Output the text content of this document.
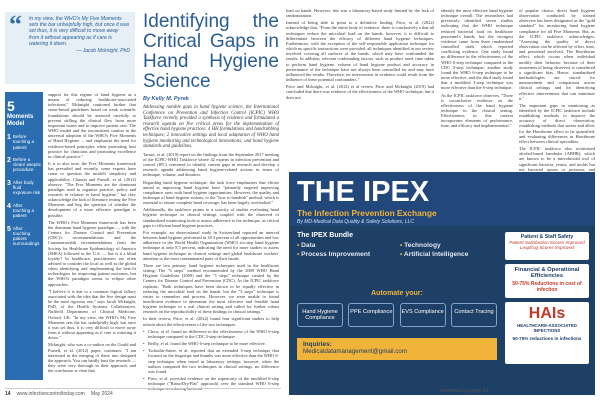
“ In my view, the WHO's My Five Moments sets the bar unhelpfully high, but once it was set thus, it is very difficult to move away from it without appearing as if care is watering it down.
— Jacob Mcknight, PhD
5
Moments Model
1 Before touching a patient
2 Before a clean/ aseptic procedure
3 After body fluid exposure risk
4 After touching a patient
5 After touching patient surroundings

support for this regime of hand hygiene as a means of reducing healthcare-associated infections," Mcknight cautioned further that sense-based guidelines based on weak scientific foundations should be assessed carefully to prevent stifling the clinical flow from more important issues and to improve patient care. The WHO model and the inconsistent caution in the universal adoption of the WHO's Five Moments of Hand Hygiene ... and emphasize the need for evidence-based principles when promoting best practice for clinicians and promoting excellence in clinical practice."

It is to also note, the Five Moments framework has prevailed and recently, some experts have come to question the model's simplicity and applicability. Chassin and Pursell, et al. (2012) observe, "The Five Moments are the dominant paradigm used to organize practice, policy and research in relation to hand hygiene," but they acknowledge the lack of literature testing the Five Moments and beg the question of whether the development of a more effective paradigm is possible.

The WHO's Five Moments framework has been the dominant hand hygiene paradigm — with the Centers for Disease Control and Prevention (CDC)'s recommendations and the Commonwealth recommendations from the Society for Healthcare Epidemiology of America (SHEA) followed in the U.S. — but is it a blind loyalty? In healthcare, practitioners are often advised to consider the local as well as the global when identifying and implementing the best-fit technologies for improving patient outcomes, but the WHO's paradigm seems to eclipse other approaches.

"I believe it is due to a common logical fallacy associated with the idea that the five design must be the most rigorous one," says Jacob Mcknight, PhD, of the Health Systems Collaborative, Nuffield Department of Clinical Medicine, Oxford, UK. "In my view, the WHO's My Five Moments sets the bar unhelpfully high, but once it was set thus, it is very difficult to move away from it without appearing as if care is watering it down."

Mcknight, who was a co-author on the Gould and Pursell, et al. (2012) paper, continues: "I am interested in the merging of these into designed the approach. You can hardly bust the research — they were very thorough in their approach, and the conclusion is clear that

Identifying the Critical Gaps in Hand Hygiene Science
By Kelly M. Pyrek

Addressing notable gaps in hand hygiene science, the International Conference on Prevention and Infection Control (ICPIC) WHO Taskforce recently provided a synthesis of evidence and formulated a research agenda on five critical areas for the implementation of effective hand hygiene practices: 4 HH formulations and handrubbing techniques; 2 innovative settings and local adaptation of WHO hand hygiene monitoring and technological innovations; and hand hygiene standards and guidelines.

Tartari, et al. (2019) report on the findings from the September 2017 meeting of the ICPIC-WHO Taskforce where 42 experts in infection prevention and control (IPC) convened to identify current gaps in research and develop a research agenda addressing hand hygiene-related actions in terms of technique, volume, and duration.

Regarding hand hygiene technique, the task force emphasizes that efforts aimed at improving hand hygiene have "primarily targeted improving compliance rates with hand hygiene opportunities. However, the quality and technique of hand hygiene actions, or the "how to handrub" method, which is essential to ensure complete hand coverage, has been largely overlooked."

Additionally, the taskforce points to a scarcity of studies evaluating hand hygiene technique in clinical settings coupled with the observed of standardized monitoring tools to assess adherence to the technique, as critical gaps to efficient hand hygiene practices.

For example, an observational study in Switzerland reported an interval between hand hygiene performed in 39.3 percent of all opportunities and low adherence to the World Health Organization (WHO) six-step hand hygiene technique at only 8.5 percent, indicating the need for more studies to assess hand hygiene technique in clinical settings and global healthcare workers' attention to the most contaminated parts of their hands.

There are two primary hand hygiene techniques used in the healthcare setting: The "6 steps" method recommended by the 2009 WHO Hand Hygiene Guidelines (2009) and the "3 steps" technique created by the Centers for Disease Control and Prevention (CDC). As the ICPIC taskforce explains, "Both techniques have been shown to be equally effective in reducing the microbial load on the hands, but the "3 steps" technique is easier to remember and process. However, we were unable to found insufficient evidence to determine the most effective and feasible hand hygiene technique in a real clinical setting and called for further robust research on the reproducibility of these findings in clinical settings."

In their review, Price, et al. (2022) found four significant studies to help inform about the effectiveness of the two techniques:

• Chow, et al. found no difference in the effectiveness of the WHO 6-step technique compared to the CDC 3-step technique.

• Reilly, et al. found the WHO 6-step technique to be more effective.

• Tschudin-Sutter, et al. reported that an extended 3-step technique that focused on the fingertips and thumbs was more effective than the WHO 6-step technique when tested in laboratory settings; however, when the authors compared the two techniques in clinical settings, no difference was found.

• Pires, et al. provided evidence on the superiority of the modified 6-step technique ("Rinse/Dry/Flat" approach) over the standard WHO 6-step technique in reducing bacterial

load on hands. However, this was a laboratory-based study limited by the lack of randomization.

Instead of being able to point to a definitive finding, Price, et al. (2022) acknowledge that, "From the entire body of evidence, there is conclusively a that all techniques reduce the microbial load on the hands; however, it is difficult to differentiate between the efficacy of different hand hygiene techniques. Furthermore, with the exception of the self-responsible application technique for which no specific instructions were provided, all techniques identified in our review involved covering all surfaces of the hands, which may have confounded the results. In addition, relevant confounding factors, such as product used, time taken to perform hand hygiene, volume of hand hygiene product and accuracy in performance of the technique have not always been controlled for and may have influenced the results. Therefore, no intervention in evidence could result from the influence of these potential confounders."

Price and Mcknight, et al. (2012) et al review Price and Mcknight (2019) had concluded that there was evidence of the effectiveness of the WHO technique, but it does not

identify the most effective hand hygiene technique overall. The researchers had previously identified seven studies indicating that the WHO technique reduced bacterial load on healthcare personnel's hands, but the strongest evidence came from three randomized controlled trials which reported conflicting evidence. One study found no difference in the effectiveness of the WHO 6-step technique compared to the CDC 3-step technique; another study found the WHO 6-step technique to be more effective, and the third study found that a modified 3-step technique was more effective than the 6-step technique.

As the ICPIC taskforce observes, "There is inconclusive evidence on the effectiveness of the hand hygiene technique in the clinical setting. Effectiveness in this context incorporates elements of performance, time, and efficacy and implementation."

of popular choice, direct hand hygiene observation conducted by trained observers has been designated as the "gold standard" for monitoring hand hygiene compliance for all Five Moments. But, as the ICPIC taskforce acknowledges, "Assessing the quality of direct observation can be affected by effort, time, and personnel involved. The Hawthorne effect, which occurs when individual modify their behavior because of their awareness of being observed, is considered a significant bias. Hence, standardized methodologies are crucial for measurement and comparison across clinical settings and for identifying effective interventions that can minimize it."

The important gaps in monitoring as identified by the ICPIC taskforce include establishing methods to improve the accuracy of direct observation, establishing methods that assess and allow for the Hawthorne effect to be quantified, and evaluating differences in Hawthorne effect between clinical specialties.

The ICPIC taskforce also scrutinized alcohol-based handrubs (ABHR), which are known to be a microbicidal tool of significant bacteria, yeasts, and molds but not bacterial spores or protozoa, and

THE IPEX
The Infection Prevention Exchange
By MD-Medical Data Quality & Safety Solutions, LLC
The IPEX Bundle
• Data	• Technology
• Process Improvement	• Artificial Intelligence
Automate your:
Hand Hygiene Compliance
PPE Compliance	EVS Compliance	Contact Tracing
Inquiries:
Medicaldatamanagement@gmail.com
Patient & Staff Safety
Patient Satisfaction Scores Improved Leapfrog Scores Improved
Financial & Operational Efficiencies
50-75% Reductions in cost of infection
HAIs
HEALTHCARE-ASSOCIATED INFECTIONS
50-75% reductions in infections
14 www.infectioncontroltoday.com May 2024	continued on page 16
